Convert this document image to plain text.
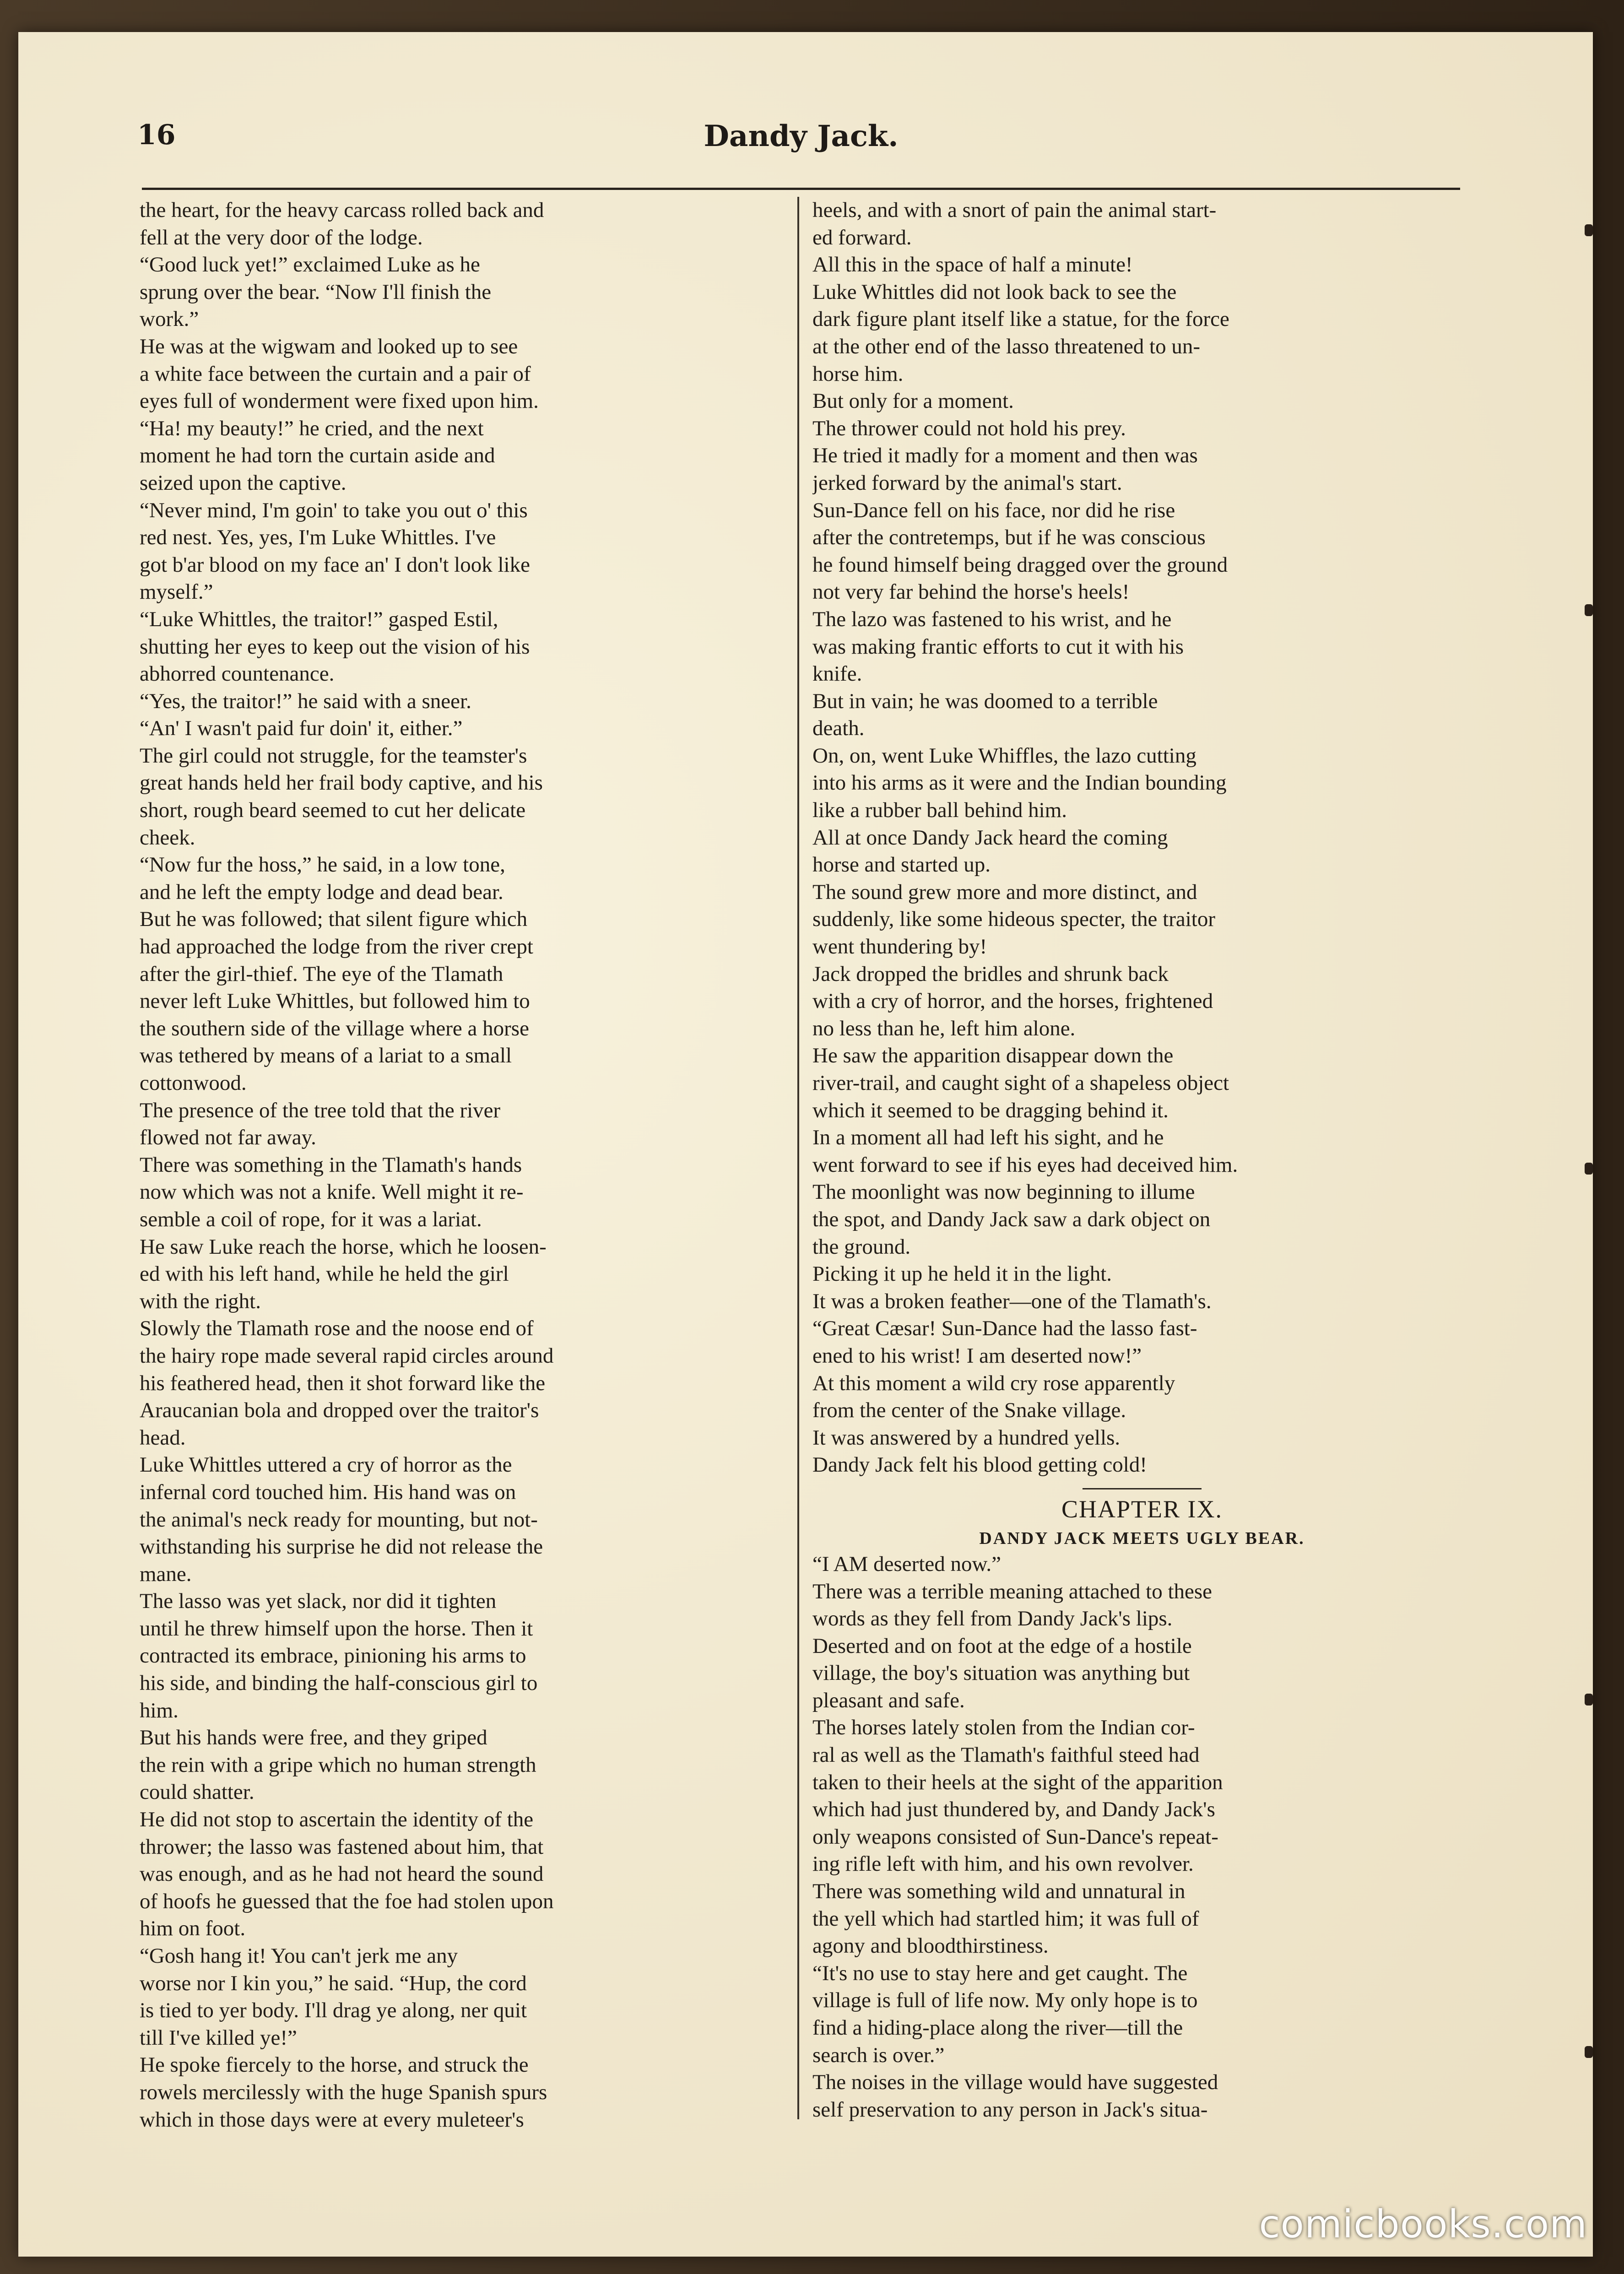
16	Dandy Jack.
the heart, for the heavy carcass rolled back and
fell at the very door of the lodge.
“Good luck yet!” exclaimed Luke as he
sprung over the bear. “Now I'll finish the
work.”
He was at the wigwam and looked up to see
a white face between the curtain and a pair of
eyes full of wonderment were fixed upon him.
“Ha! my beauty!” he cried, and the next
moment he had torn the curtain aside and
seized upon the captive.
“Never mind, I'm goin' to take you out o' this
red nest. Yes, yes, I'm Luke Whittles. I've
got b'ar blood on my face an' I don't look like
myself.”
“Luke Whittles, the traitor!” gasped Estil,
shutting her eyes to keep out the vision of his
abhorred countenance.
“Yes, the traitor!” he said with a sneer.
“An' I wasn't paid fur doin' it, either.”
The girl could not struggle, for the teamster's
great hands held her frail body captive, and his
short, rough beard seemed to cut her delicate
cheek.
“Now fur the hoss,” he said, in a low tone,
and he left the empty lodge and dead bear.
But he was followed; that silent figure which
had approached the lodge from the river crept
after the girl-thief. The eye of the Tlamath
never left Luke Whittles, but followed him to
the southern side of the village where a horse
was tethered by means of a lariat to a small
cottonwood.
The presence of the tree told that the river
flowed not far away.
There was something in the Tlamath's hands
now which was not a knife. Well might it re-
semble a coil of rope, for it was a lariat.
He saw Luke reach the horse, which he loosen-
ed with his left hand, while he held the girl
with the right.
Slowly the Tlamath rose and the noose end of
the hairy rope made several rapid circles around
his feathered head, then it shot forward like the
Araucanian bola and dropped over the traitor's
head.
Luke Whittles uttered a cry of horror as the
infernal cord touched him. His hand was on
the animal's neck ready for mounting, but not-
withstanding his surprise he did not release the
mane.
The lasso was yet slack, nor did it tighten
until he threw himself upon the horse. Then it
contracted its embrace, pinioning his arms to
his side, and binding the half-conscious girl to
him.
But his hands were free, and they griped
the rein with a gripe which no human strength
could shatter.
He did not stop to ascertain the identity of the
thrower; the lasso was fastened about him, that
was enough, and as he had not heard the sound
of hoofs he guessed that the foe had stolen upon
him on foot.
“Gosh hang it! You can't jerk me any
worse nor I kin you,” he said. “Hup, the cord
is tied to yer body. I'll drag ye along, ner quit
till I've killed ye!”
He spoke fiercely to the horse, and struck the
rowels mercilessly with the huge Spanish spurs
which in those days were at every muleteer's
heels, and with a snort of pain the animal start-
ed forward.
All this in the space of half a minute!
Luke Whittles did not look back to see the
dark figure plant itself like a statue, for the force
at the other end of the lasso threatened to un-
horse him.
But only for a moment.
The thrower could not hold his prey.
He tried it madly for a moment and then was
jerked forward by the animal's start.
Sun-Dance fell on his face, nor did he rise
after the contretemps, but if he was conscious
he found himself being dragged over the ground
not very far behind the horse's heels!
The lazo was fastened to his wrist, and he
was making frantic efforts to cut it with his
knife.
But in vain; he was doomed to a terrible
death.
On, on, went Luke Whiffles, the lazo cutting
into his arms as it were and the Indian bounding
like a rubber ball behind him.
All at once Dandy Jack heard the coming
horse and started up.
The sound grew more and more distinct, and
suddenly, like some hideous specter, the traitor
went thundering by!
Jack dropped the bridles and shrunk back
with a cry of horror, and the horses, frightened
no less than he, left him alone.
He saw the apparition disappear down the
river-trail, and caught sight of a shapeless object
which it seemed to be dragging behind it.
In a moment all had left his sight, and he
went forward to see if his eyes had deceived him.
The moonlight was now beginning to illume
the spot, and Dandy Jack saw a dark object on
the ground.
Picking it up he held it in the light.
It was a broken feather—one of the Tlamath's.
“Great Cæsar! Sun-Dance had the lasso fast-
ened to his wrist! I am deserted now!”
At this moment a wild cry rose apparently
from the center of the Snake village.
It was answered by a hundred yells.
Dandy Jack felt his blood getting cold!
CHAPTER IX.
DANDY JACK MEETS UGLY BEAR.
“I AM deserted now.”
There was a terrible meaning attached to these
words as they fell from Dandy Jack's lips.
Deserted and on foot at the edge of a hostile
village, the boy's situation was anything but
pleasant and safe.
The horses lately stolen from the Indian cor-
ral as well as the Tlamath's faithful steed had
taken to their heels at the sight of the apparition
which had just thundered by, and Dandy Jack's
only weapons consisted of Sun-Dance's repeat-
ing rifle left with him, and his own revolver.
There was something wild and unnatural in
the yell which had startled him; it was full of
agony and bloodthirstiness.
“It's no use to stay here and get caught. The
village is full of life now. My only hope is to
find a hiding-place along the river—till the
search is over.”
The noises in the village would have suggested
self preservation to any person in Jack's situa-
comicbooks.com
